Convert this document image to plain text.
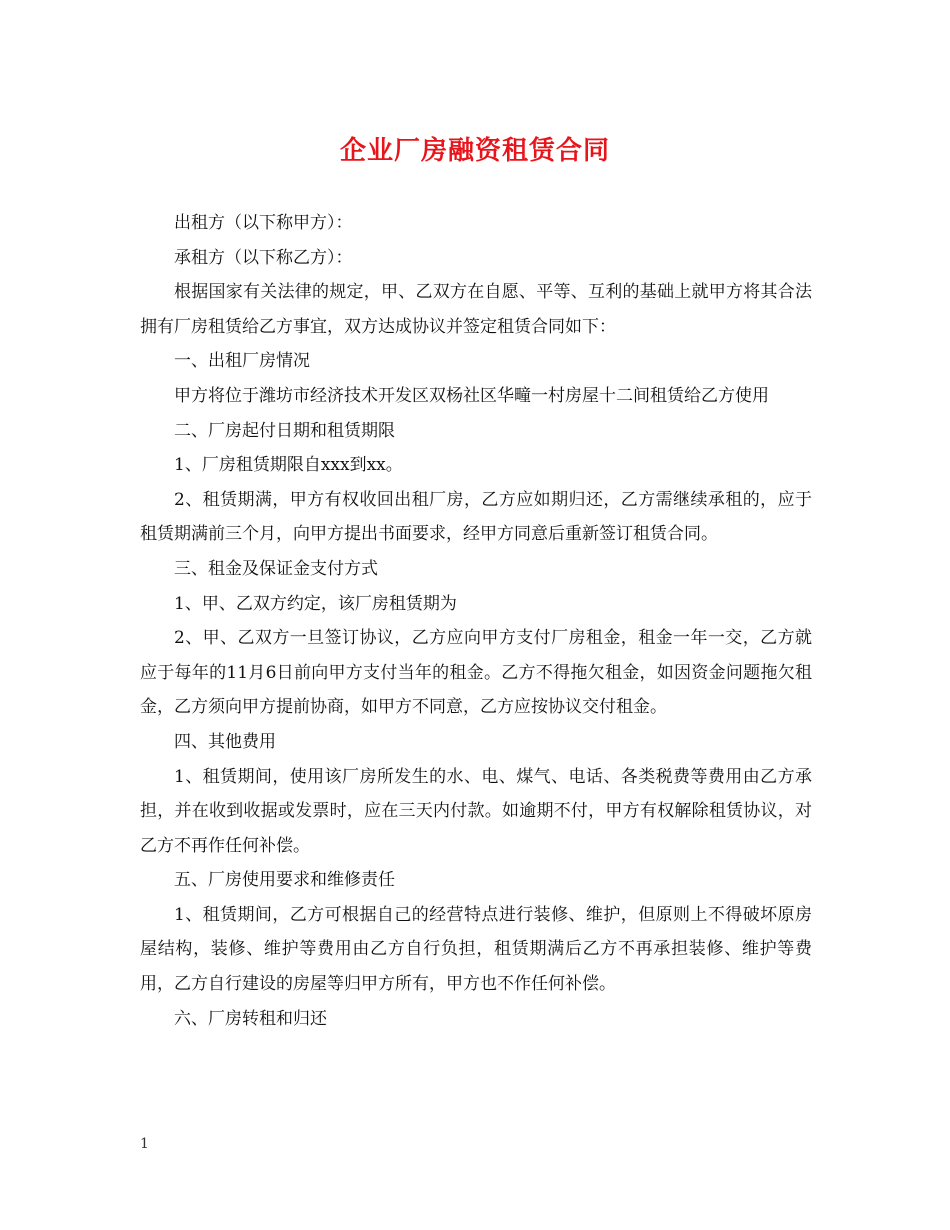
企业厂房融资租赁合同

出租方（以下称甲方）：

承租方（以下称乙方）：

根据国家有关法律的规定，甲、乙双方在自愿、平等、互利的基础上就甲方将其合法拥有厂房租赁给乙方事宜，双方达成协议并签定租赁合同如下：

一、出租厂房情况

甲方将位于潍坊市经济技术开发区双杨社区华疃一村房屋十二间租赁给乙方使用

二、厂房起付日期和租赁期限

1、厂房租赁期限自xxx到xx。

2、租赁期满，甲方有权收回出租厂房，乙方应如期归还，乙方需继续承租的，应于租赁期满前三个月，向甲方提出书面要求，经甲方同意后重新签订租赁合同。

三、租金及保证金支付方式

1、甲、乙双方约定，该厂房租赁期为

2、甲、乙双方一旦签订协议，乙方应向甲方支付厂房租金，租金一年一交，乙方就应于每年的11月6日前向甲方支付当年的租金。乙方不得拖欠租金，如因资金问题拖欠租金，乙方须向甲方提前协商，如甲方不同意，乙方应按协议交付租金。

四、其他费用

1、租赁期间，使用该厂房所发生的水、电、煤气、电话、各类税费等费用由乙方承担，并在收到收据或发票时，应在三天内付款。如逾期不付，甲方有权解除租赁协议，对乙方不再作任何补偿。

五、厂房使用要求和维修责任

1、租赁期间，乙方可根据自己的经营特点进行装修、维护，但原则上不得破坏原房屋结构，装修、维护等费用由乙方自行负担，租赁期满后乙方不再承担装修、维护等费用，乙方自行建设的房屋等归甲方所有，甲方也不作任何补偿。

六、厂房转租和归还

1
